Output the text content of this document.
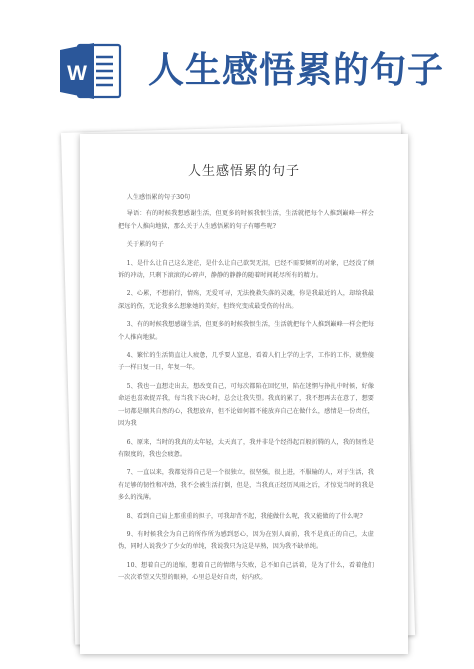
W 人生感悟累的句子
人生感悟累的句子

人生感悟累的句子30句

导语：有的时候我想感谢生活，但更多的时候我恨生活，生活就把每个人推到巅峰一样会把每个人推向地狱，那么关于人生感悟累的句子有哪些呢?

关于累的句子

1、是什么让自己这么迷茫，是什么让自己欲哭无泪，已经不需要倾听的对象，已经没了倾诉的冲动，只剩下滚滚的心碎声，静静的静静的随着时间耗尽所有的精力。

2、心累，不想前行，情殇，无爱可寻，无法挽救失落的灵魂，你是我最近的人，却给我最深远的伤，无论我多么想象她的美好，但终究变成最受伤的付出。

3、有的时候我想感谢生活，但更多的时候我恨生活，生活就把每个人推到巅峰一样会把每个人推向地狱。

4、繁忙的生活简直让人疲惫，几乎要人窒息，看着人们上学的上学，工作的工作，就整傻子一样日复一日，年复一年。

5、我也一直想走出去，想改变自己，可每次都陷在回忆里，陷在迷惘与挣扎中时候，好像命运也喜欢捉弄我，每当我下决心时，总会让我失望。我真的累了，我不想再去在意了，想要一切都是顺其自然的心，我想放弃，但不论如何都不能放弃自己在做什么，感情是一份责任，因为我

6、原来，当时的我真的太年轻，太天真了，我并非是个经得起百般折腾的人，我的韧性是有限度的，我也会疲惫。

7、一直以来，我都觉得自己是一个很独立，很坚强，很上进，不服输的人，对于生活，我有足够的韧性和冲劲，我不会被生活打倒，但是，当我真正经历风雨之后，才惊觉当时的我是多么的浅薄。

8、看到自己肩上那重重的担子，可我却背不起，我能做什么呢，我又能做的了什么呢?

9、有时候我会为自己的所作所为感到恶心，因为在别人面前，我不是真正的自己，太虚伪，同时人说我少了少女的单纯，我说我只为这是早熟，因为我不缺单纯。

10、想着自己的追缩，想着自己的情绪与失败，总不如自己活着，是为了什么，看着他们一次次希望又失望的眼神，心里总是好自责，好内疚。
